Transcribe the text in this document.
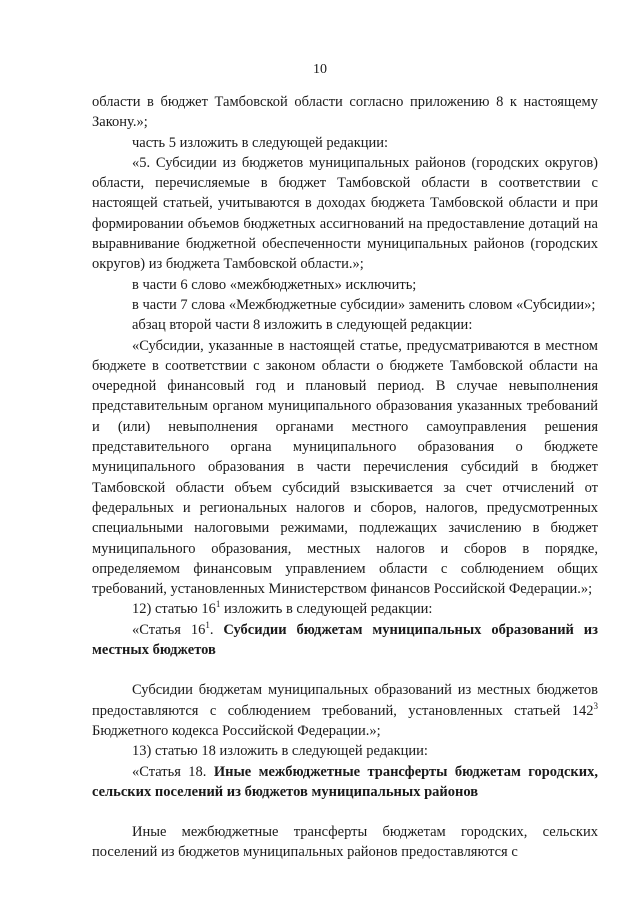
10

области в бюджет Тамбовской области согласно приложению 8 к настоящему Закону.»;

часть 5 изложить в следующей редакции:

«5. Субсидии из бюджетов муниципальных районов (городских округов) области, перечисляемые в бюджет Тамбовской области в соответствии с настоящей статьей, учитываются в доходах бюджета Тамбовской области и при формировании объемов бюджетных ассигнований на предоставление дотаций на выравнивание бюджетной обеспеченности муниципальных районов (городских округов) из бюджета Тамбовской области.»;

в части 6 слово «межбюджетных» исключить;

в части 7 слова «Межбюджетные субсидии» заменить словом «Субсидии»;

абзац второй части 8 изложить в следующей редакции:

«Субсидии, указанные в настоящей статье, предусматриваются в местном бюджете в соответствии с законом области о бюджете Тамбовской области на очередной финансовый год и плановый период. В случае невыполнения представительным органом муниципального образования указанных требований и (или) невыполнения органами местного самоуправления решения представительного органа муниципального образования о бюджете муниципального образования в части перечисления субсидий в бюджет Тамбовской области объем субсидий взыскивается за счет отчислений от федеральных и региональных налогов и сборов, налогов, предусмотренных специальными налоговыми режимами, подлежащих зачислению в бюджет муниципального образования, местных налогов и сборов в порядке, определяемом финансовым управлением области с соблюдением общих требований, установленных Министерством финансов Российской Федерации.»;

12) статью $16^1$ изложить в следующей редакции:

«Статья $16^1$. Субсидии бюджетам муниципальных образований из местных бюджетов

Субсидии бюджетам муниципальных образований из местных бюджетов предоставляются с соблюдением требований, установленных статьей $142^3$ Бюджетного кодекса Российской Федерации.»;

13) статью 18 изложить в следующей редакции:

«Статья 18. Иные межбюджетные трансферты бюджетам городских, сельских поселений из бюджетов муниципальных районов

Иные межбюджетные трансферты бюджетам городских, сельских поселений из бюджетов муниципальных районов предоставляются с
